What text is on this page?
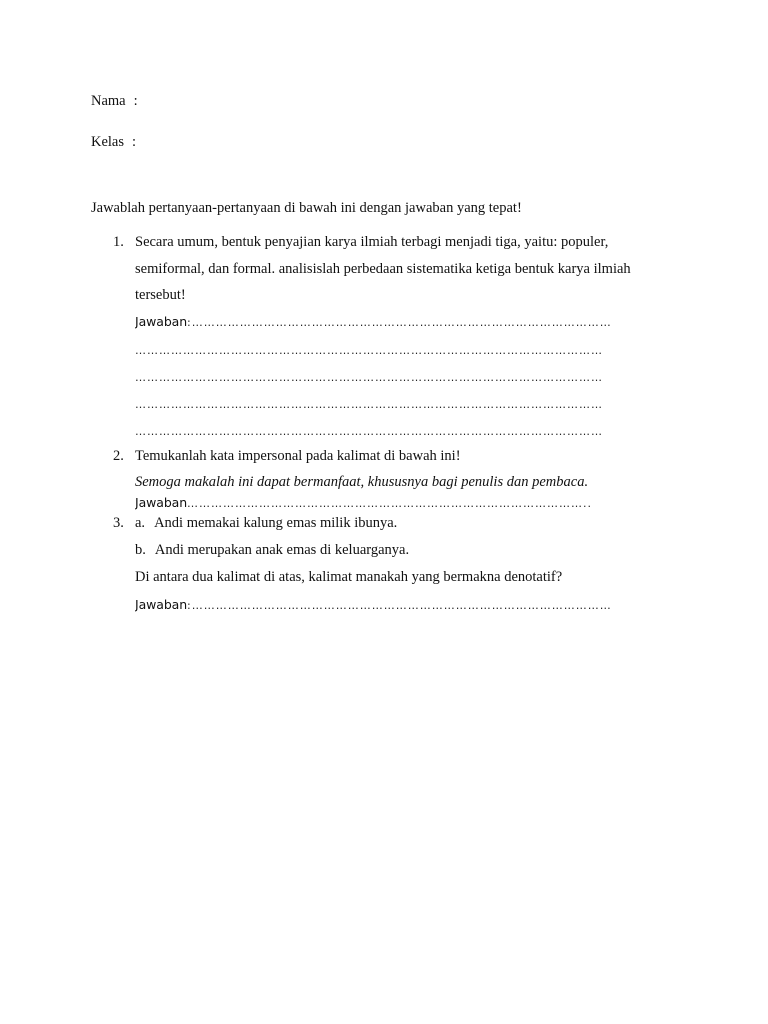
Nama :
Kelas :
Jawablah pertanyaan-pertanyaan di bawah ini dengan jawaban yang tepat!
1. Secara umum, bentuk penyajian karya ilmiah terbagi menjadi tiga, yaitu: populer,
semiformal, dan formal. analisislah perbedaan sistematika ketiga bentuk karya ilmiah
tersebut!
Jawaban:……………………………………………………………………………………………
………………………………………………………………………………………………………
………………………………………………………………………………………………………
………………………………………………………………………………………………………
………………………………………………………………………………………………………
2. Temukanlah kata impersonal pada kalimat di bawah ini!
Semoga makalah ini dapat bermanfaat, khususnya bagi penulis dan pembaca.
Jawaban………………………………………………………………………………………..
3. a. Andi memakai kalung emas milik ibunya.
b. Andi merupakan anak emas di keluarganya.
Di antara dua kalimat di atas, kalimat manakah yang bermakna denotatif?
Jawaban:……………………………………………………………………………………………
